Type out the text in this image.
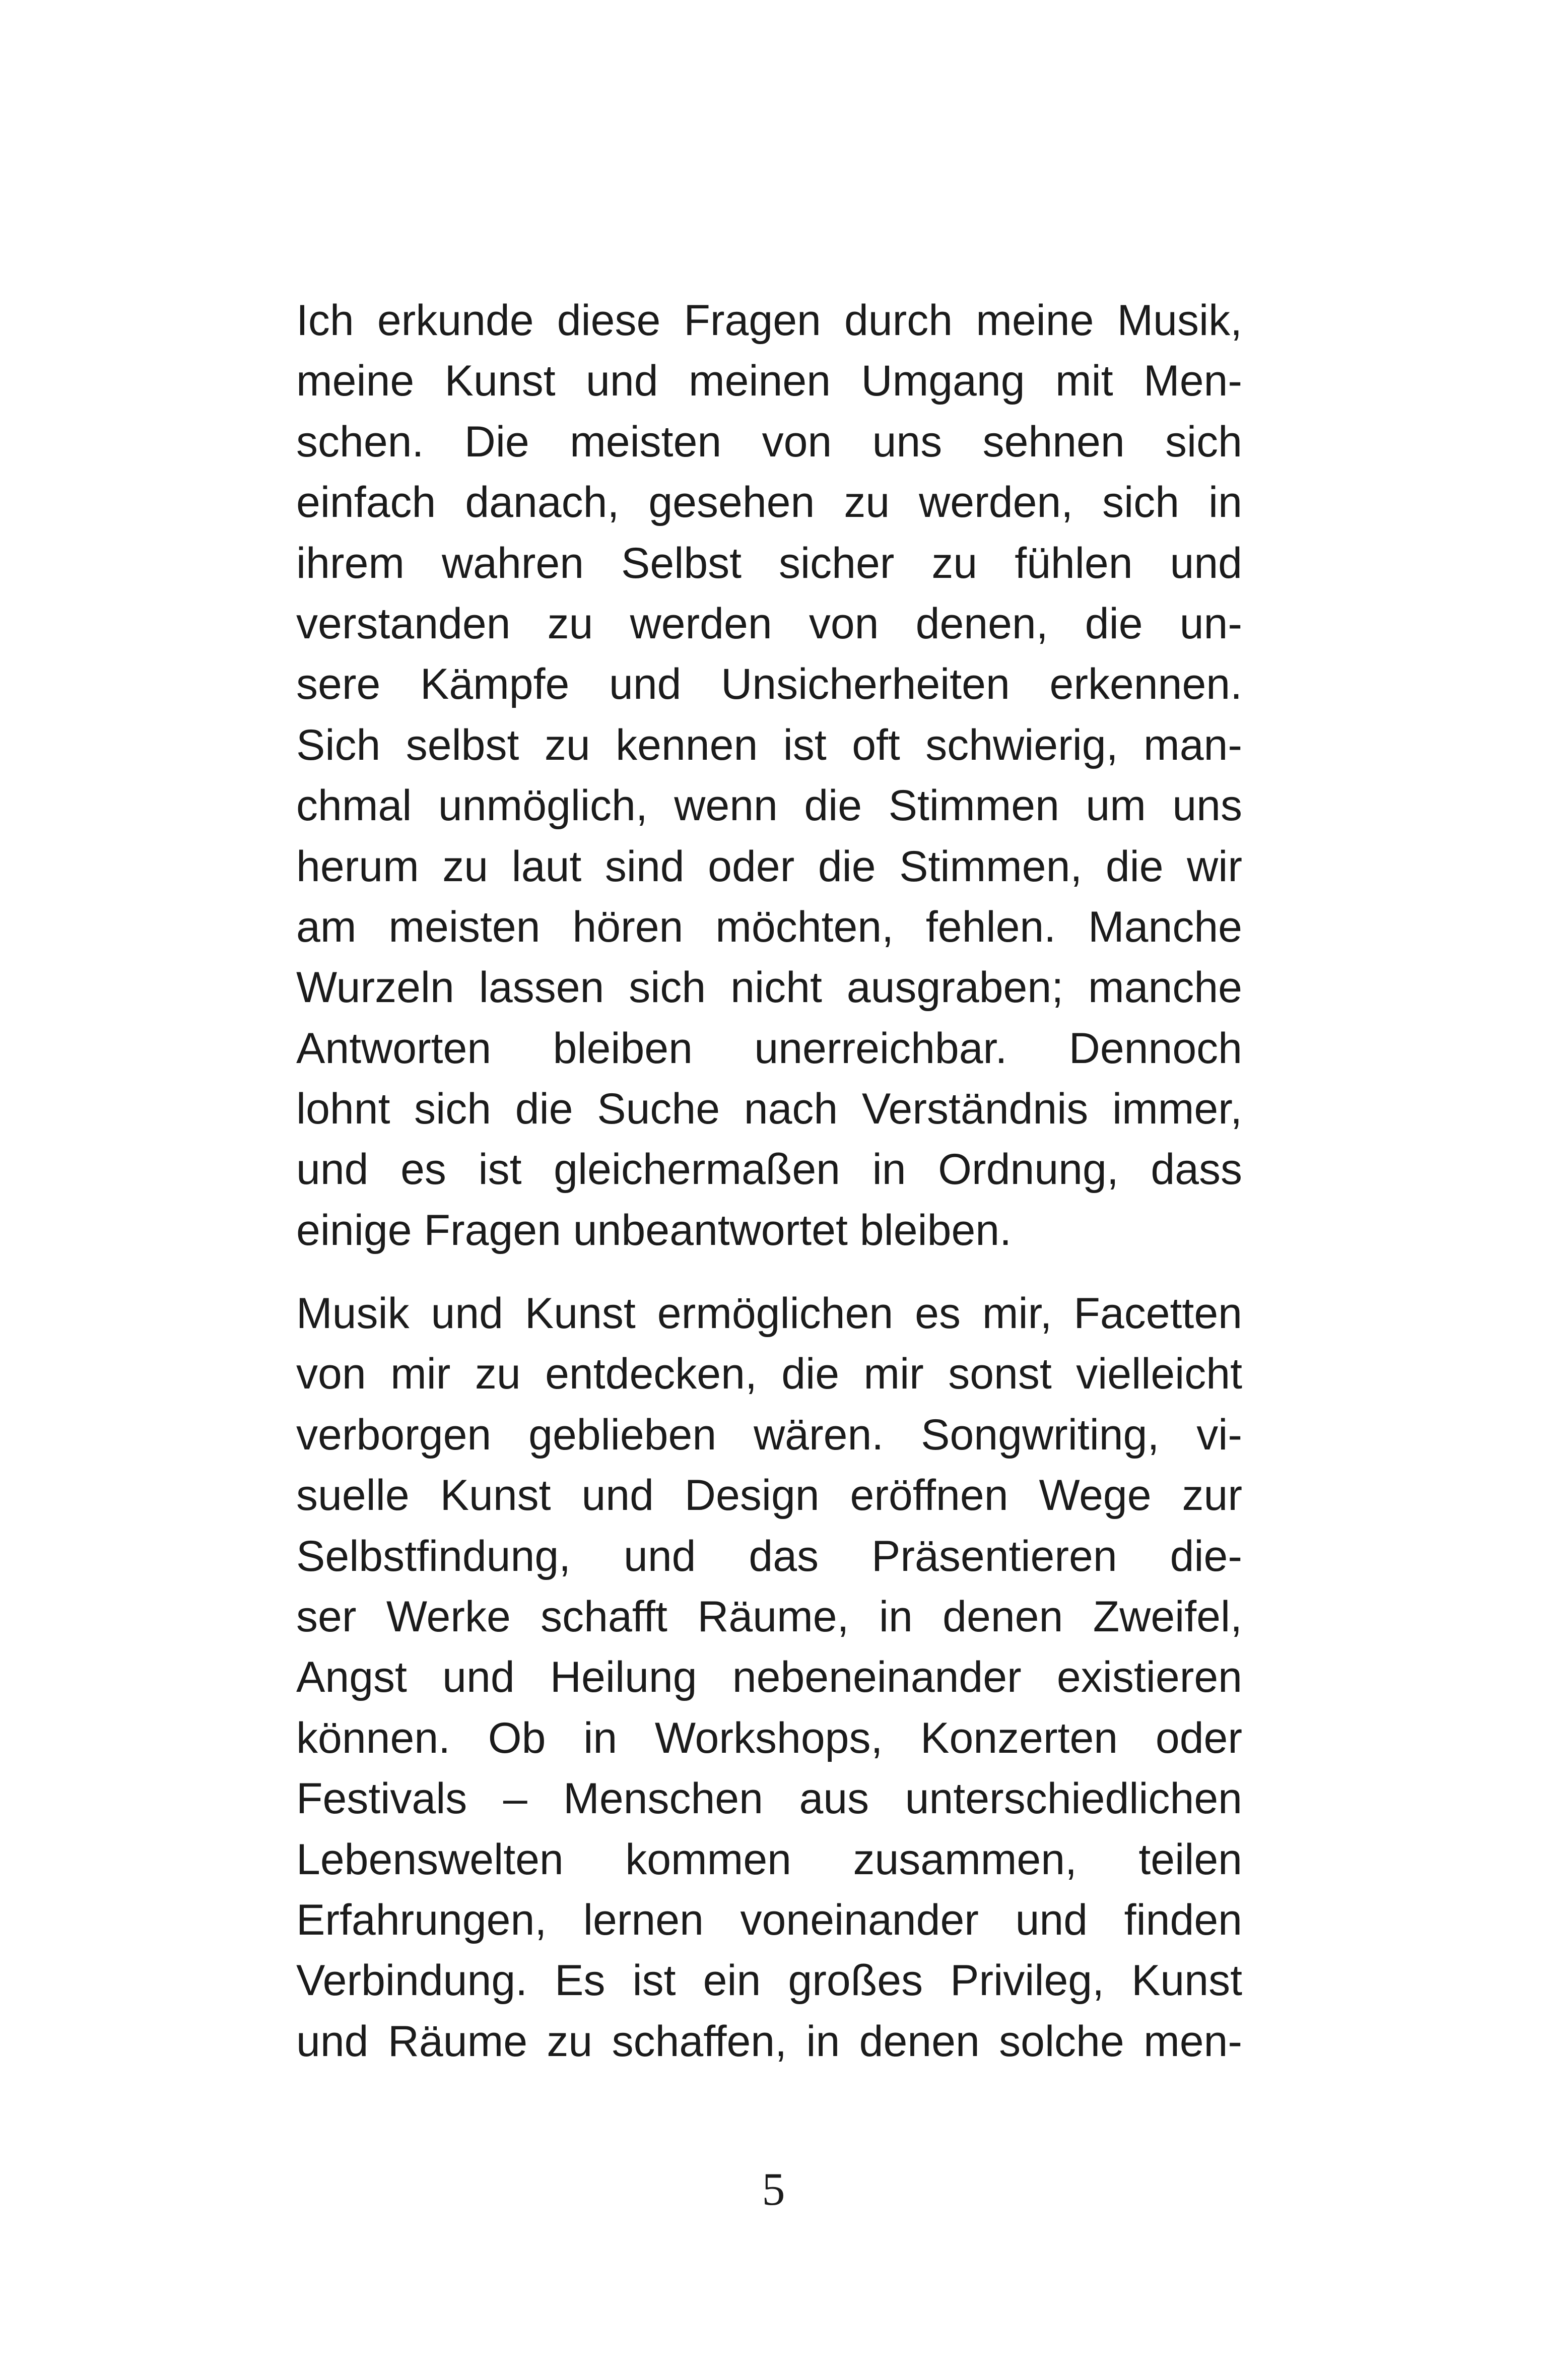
Ich erkunde diese Fragen durch meine Musik,
meine Kunst und meinen Umgang mit Men-
schen. Die meisten von uns sehnen sich
einfach danach, gesehen zu werden, sich in
ihrem wahren Selbst sicher zu fühlen und
verstanden zu werden von denen, die un-
sere Kämpfe und Unsicherheiten erkennen.
Sich selbst zu kennen ist oft schwierig, man-
chmal unmöglich, wenn die Stimmen um uns
herum zu laut sind oder die Stimmen, die wir
am meisten hören möchten, fehlen. Manche
Wurzeln lassen sich nicht ausgraben; manche
Antworten bleiben unerreichbar. Dennoch
lohnt sich die Suche nach Verständnis immer,
und es ist gleichermaßen in Ordnung, dass
einige Fragen unbeantwortet bleiben.
Musik und Kunst ermöglichen es mir, Facetten
von mir zu entdecken, die mir sonst vielleicht
verborgen geblieben wären. Songwriting, vi-
suelle Kunst und Design eröffnen Wege zur
Selbstfindung, und das Präsentieren die-
ser Werke schafft Räume, in denen Zweifel,
Angst und Heilung nebeneinander existieren
können. Ob in Workshops, Konzerten oder
Festivals – Menschen aus unterschiedlichen
Lebenswelten kommen zusammen, teilen
Erfahrungen, lernen voneinander und finden
Verbindung. Es ist ein großes Privileg, Kunst
und Räume zu schaffen, in denen solche men-
5
